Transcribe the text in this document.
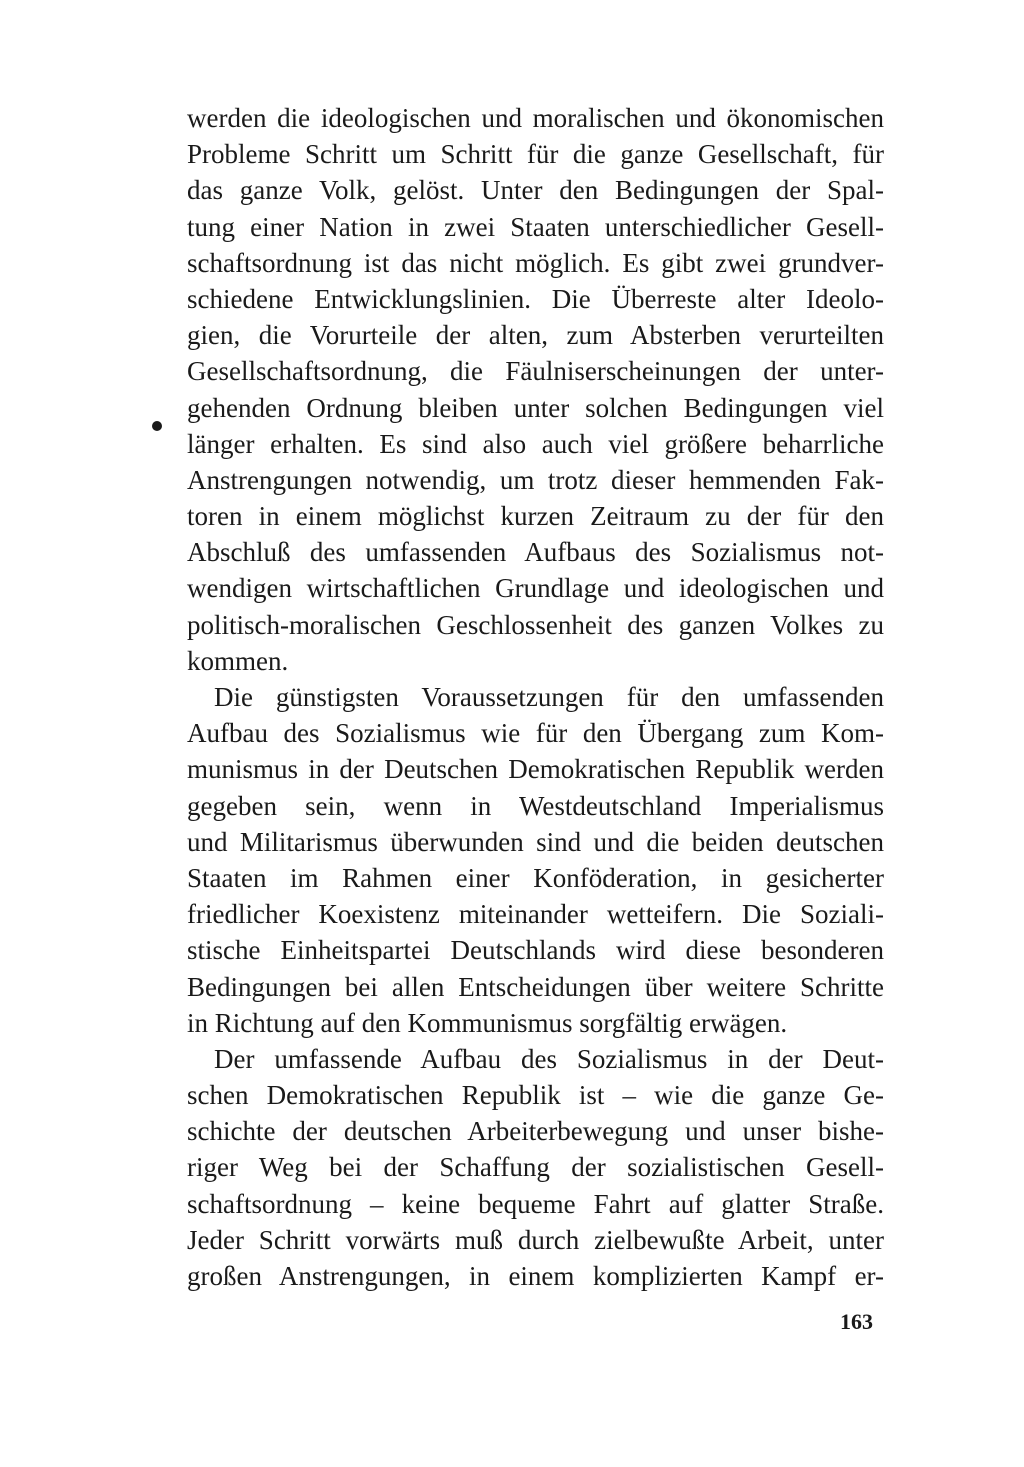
werden die ideologischen und moralischen und ökonomischen
Probleme Schritt um Schritt für die ganze Gesellschaft, für
das ganze Volk, gelöst. Unter den Bedingungen der Spal-
tung einer Nation in zwei Staaten unterschiedlicher Gesell-
schaftsordnung ist das nicht möglich. Es gibt zwei grundver-
schiedene Entwicklungslinien. Die Überreste alter Ideolo-
gien, die Vorurteile der alten, zum Absterben verurteilten
Gesellschaftsordnung, die Fäulniserscheinungen der unter-
gehenden Ordnung bleiben unter solchen Bedingungen viel
länger erhalten. Es sind also auch viel größere beharrliche
Anstrengungen notwendig, um trotz dieser hemmenden Fak-
toren in einem möglichst kurzen Zeitraum zu der für den
Abschluß des umfassenden Aufbaus des Sozialismus not-
wendigen wirtschaftlichen Grundlage und ideologischen und
politisch-moralischen Geschlossenheit des ganzen Volkes zu
kommen.
Die günstigsten Voraussetzungen für den umfassenden
Aufbau des Sozialismus wie für den Übergang zum Kom-
munismus in der Deutschen Demokratischen Republik werden
gegeben sein, wenn in Westdeutschland Imperialismus
und Militarismus überwunden sind und die beiden deutschen
Staaten im Rahmen einer Konföderation, in gesicherter
friedlicher Koexistenz miteinander wetteifern. Die Soziali-
stische Einheitspartei Deutschlands wird diese besonderen
Bedingungen bei allen Entscheidungen über weitere Schritte
in Richtung auf den Kommunismus sorgfältig erwägen.
Der umfassende Aufbau des Sozialismus in der Deut-
schen Demokratischen Republik ist – wie die ganze Ge-
schichte der deutschen Arbeiterbewegung und unser bishe-
riger Weg bei der Schaffung der sozialistischen Gesell-
schaftsordnung – keine bequeme Fahrt auf glatter Straße.
Jeder Schritt vorwärts muß durch zielbewußte Arbeit, unter
großen Anstrengungen, in einem komplizierten Kampf er-
163
